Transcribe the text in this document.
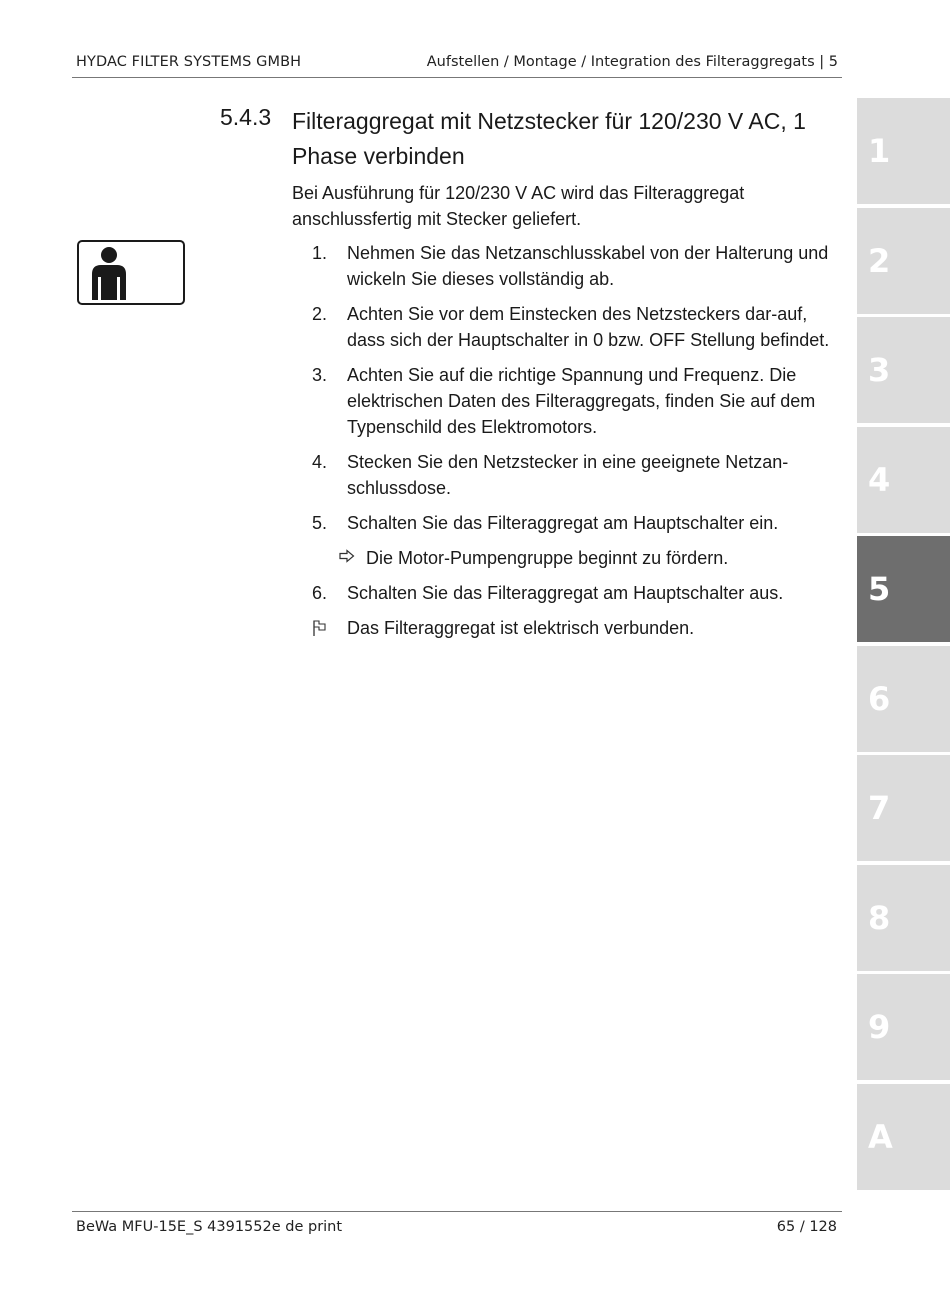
HYDAC FILTER SYSTEMS GMBH	Aufstellen / Montage / Integration des Filteraggregats | 5
5.4.3 Filteraggregat mit Netzstecker für 120/230 V AC, 1 Phase verbinden
Bei Ausführung für 120/230 V AC wird das Filteraggregat anschlussfertig mit Stecker geliefert.
1.	Nehmen Sie das Netzanschlusskabel von der Halterung und wickeln Sie dieses vollständig ab.
2.	Achten Sie vor dem Einstecken des Netzsteckers dar-auf, dass sich der Hauptschalter in 0 bzw. OFF Stellung befindet.
3.	Achten Sie auf die richtige Spannung und Frequenz. Die elektrischen Daten des Filteraggregats, finden Sie auf dem Typenschild des Elektromotors.
4.	Stecken Sie den Netzstecker in eine geeignete Netzan-schlussdose.
5.	Schalten Sie das Filteraggregat am Hauptschalter ein.
Die Motor-Pumpengruppe beginnt zu fördern.
6.	Schalten Sie das Filteraggregat am Hauptschalter aus.
Das Filteraggregat ist elektrisch verbunden.
1
2
3
4
5
6
7
8
9
A
BeWa MFU-15E_S 4391552e de print	65 / 128
